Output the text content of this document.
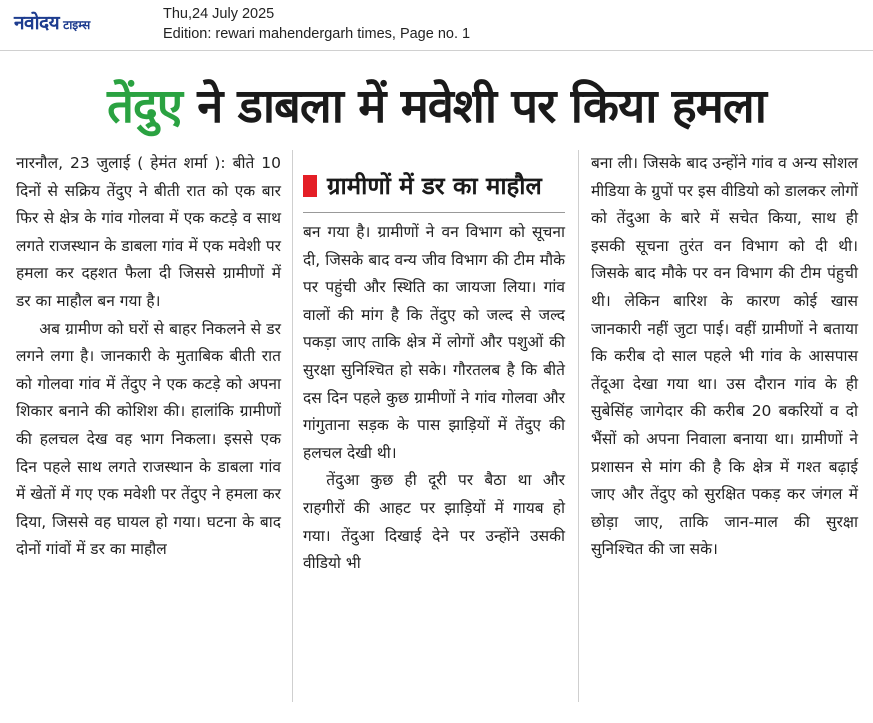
नवोदय टाइम्स
Thu,24 July 2025
Edition: rewari mahendergarh times, Page no. 1
तेंदुए ने डाबला में मवेशी पर किया हमला

नारनौल, 23 जुलाई ( हेमंत शर्मा ): बीते 10 दिनों से सक्रिय तेंदुए ने बीती रात को एक बार फिर से क्षेत्र के गांव गोलवा में एक कटड़े व साथ लगते राजस्थान के डाबला गांव में एक मवेशी पर हमला कर दहशत फैला दी जिससे ग्रामीणों में डर का माहौल बन गया है।

अब ग्रामीण को घरों से बाहर निकलने से डर लगने लगा है। जानकारी के मुताबिक बीती रात को गोलवा गांव में तेंदुए ने एक कटड़े को अपना शिकार बनाने की कोशिश की। हालांकि ग्रामीणों की हलचल देख वह भाग निकला। इससे एक दिन पहले साथ लगते राजस्थान के डाबला गांव में खेतों में गए एक मवेशी पर तेंदुए ने हमला कर दिया, जिससे वह घायल हो गया। घटना के बाद दोनों गांवों में डर का माहौल

ग्रामीणों में डर का माहौल

बन गया है। ग्रामीणों ने वन विभाग को सूचना दी, जिसके बाद वन्य जीव विभाग की टीम मौके पर पहुंची और स्थिति का जायजा लिया। गांव वालों की मांग है कि तेंदुए को जल्द से जल्द पकड़ा जाए ताकि क्षेत्र में लोगों और पशुओं की सुरक्षा सुनिश्चित हो सके। गौरतलब है कि बीते दस दिन पहले कुछ ग्रामीणों ने गांव गोलवा और गांगुताना सड़क के पास झाड़ियों में तेंदुए की हलचल देखी थी।

तेंदुआ कुछ ही दूरी पर बैठा था और राहगीरों की आहट पर झाड़ियों में गायब हो गया। तेंदुआ दिखाई देने पर उन्होंने उसकी वीडियो भी

बना ली। जिसके बाद उन्होंने गांव व अन्य सोशल मीडिया के ग्रुपों पर इस वीडियो को डालकर लोगों को तेंदुआ के बारे में सचेत किया, साथ ही इसकी सूचना तुरंत वन विभाग को दी थी। जिसके बाद मौके पर वन विभाग की टीम पंहुची थी। लेकिन बारिश के कारण कोई खास जानकारी नहीं जुटा पाई। वहीं ग्रामीणों ने बताया कि करीब दो साल पहले भी गांव के आसपास तेंदूआ देखा गया था। उस दौरान गांव के ही सुबेसिंह जागेदार की करीब 20 बकरियों व दो भैंसों को अपना निवाला बनाया था। ग्रामीणों ने प्रशासन से मांग की है कि क्षेत्र में गश्त बढ़ाई जाए और तेंदुए को सुरक्षित पकड़ कर जंगल में छोड़ा जाए, ताकि जान-माल की सुरक्षा सुनिश्चित की जा सके।
